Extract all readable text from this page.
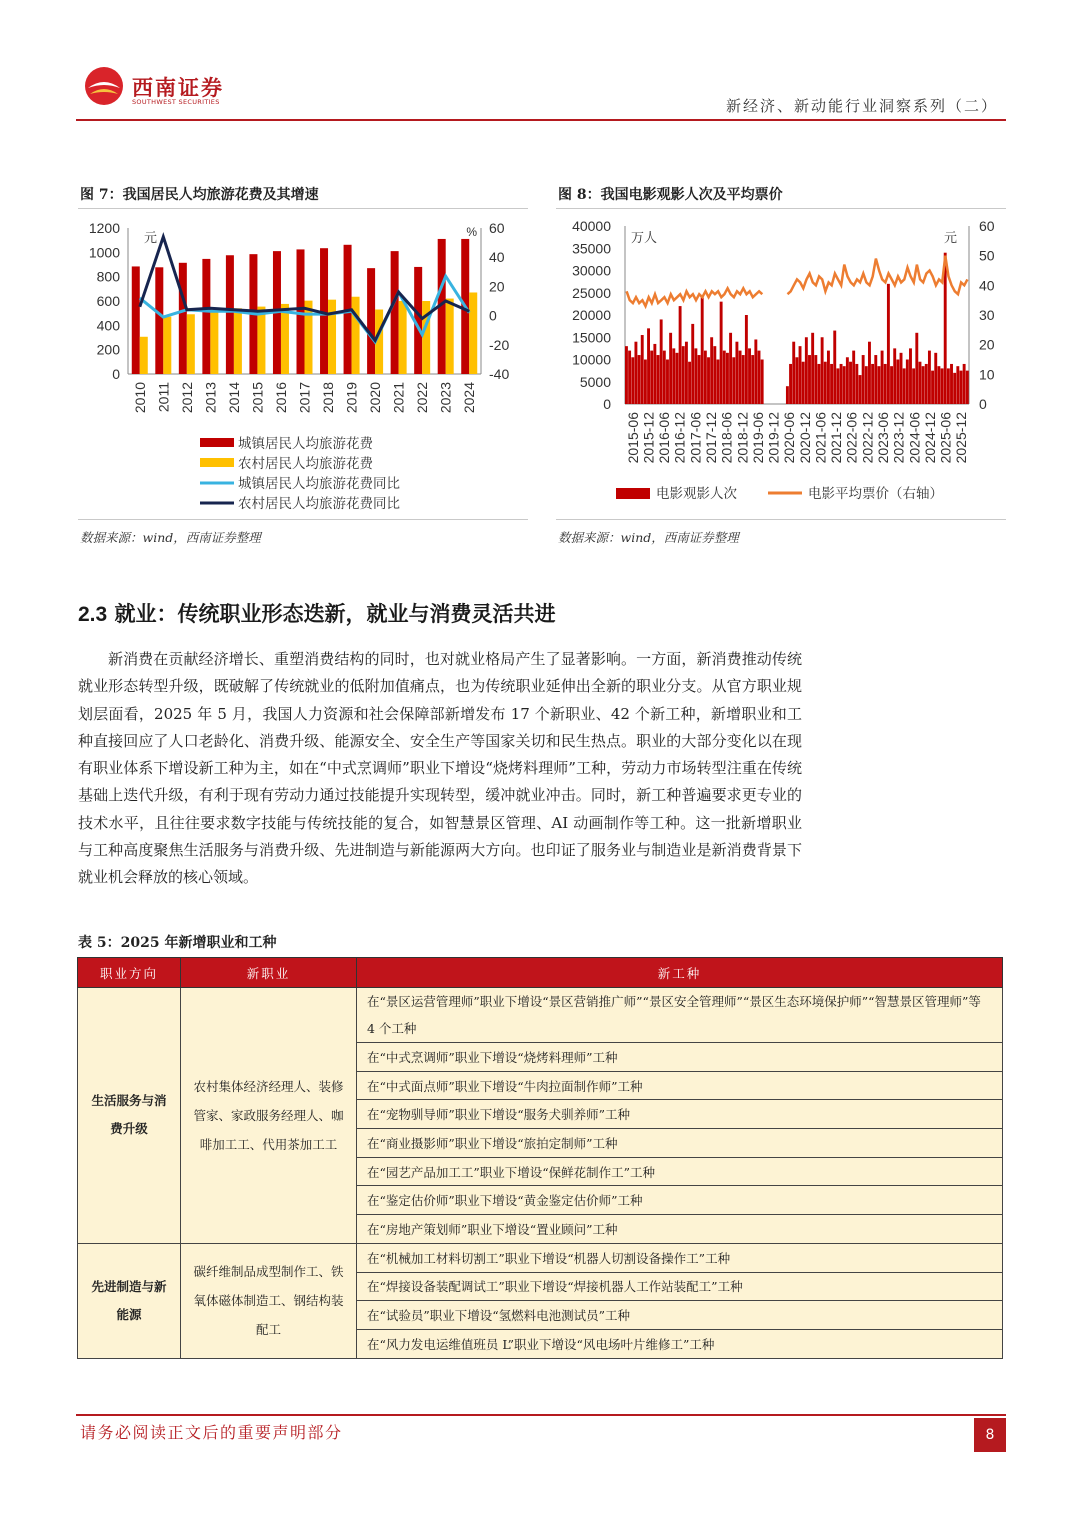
西南证券
SOUTHWEST SECURITIES	新经济、新动能行业洞察系列（二）
图 7：我国居民人均旅游花费及其增速
1200
1000
800
600
400
200
0
60
40
20
0
-20
-40
元	%
2010 2011 2012 2013 2014 2015 2016 2017 2018 2019 2020 2021 2022 2023 2024
城镇居民人均旅游花费
农村居民人均旅游花费
城镇居民人均旅游花费同比
农村居民人均旅游花费同比
数据来源：wind，西南证券整理
图 8：我国电影观影人次及平均票价
40000
35000
30000
25000
20000
15000
10000
5000
0
60
50
40
30
20
10
0
万人	元
2015-06 2015-12 2016-06 2016-12 2017-06 2017-12 2018-06 2018-12 2019-06 2019-12 2020-06 2020-12 2021-06 2021-12 2022-06 2022-12 2023-06 2023-12 2024-06 2024-12 2025-06 2025-12
电影观影人次	电影平均票价（右轴）
数据来源：wind，西南证券整理
2.3 就业：传统职业形态迭新，就业与消费灵活共进
新消费在贡献经济增长、重塑消费结构的同时，也对就业格局产生了显著影响。一方面，新消费推动传统就业形态转型升级，既破解了传统就业的低附加值痛点，也为传统职业延伸出全新的职业分支。从官方职业规划层面看，2025 年 5 月，我国人力资源和社会保障部新增发布 17 个新职业、42 个新工种，新增职业和工种直接回应了人口老龄化、消费升级、能源安全、安全生产等国家关切和民生热点。职业的大部分变化以在现有职业体系下增设新工种为主，如在“中式烹调师”职业下增设“烧烤料理师”工种，劳动力市场转型注重在传统基础上迭代升级，有利于现有劳动力通过技能提升实现转型，缓冲就业冲击。同时，新工种普遍要求更专业的技术水平，且往往要求数字技能与传统技能的复合，如智慧景区管理、AI 动画制作等工种。这一批新增职业与工种高度聚焦生活服务与消费升级、先进制造与新能源两大方向。也印证了服务业与制造业是新消费背景下就业机会释放的核心领域。
表 5：2025 年新增职业和工种
职业方向	新职业	新工种
生活服务与消费升级	农村集体经济经理人、装修管家、家政服务经理人、咖啡加工工、代用茶加工工	在“景区运营管理师”职业下增设“景区营销推广师”“景区安全管理师”“景区生态环境保护师”“智慧景区管理师”等 4 个工种
		在“中式烹调师”职业下增设“烧烤料理师”工种
		在“中式面点师”职业下增设“牛肉拉面制作师”工种
		在“宠物驯导师”职业下增设“服务犬驯养师”工种
		在“商业摄影师”职业下增设“旅拍定制师”工种
		在“园艺产品加工工”职业下增设“保鲜花制作工”工种
		在“鉴定估价师”职业下增设“黄金鉴定估价师”工种
		在“房地产策划师”职业下增设“置业顾问”工种
先进制造与新能源	碳纤维制品成型制作工、铁氧体磁体制造工、钢结构装配工	在“机械加工材料切割工”职业下增设“机器人切割设备操作工”工种
		在“焊接设备装配调试工”职业下增设“焊接机器人工作站装配工”工种
		在“试验员”职业下增设“氢燃料电池测试员”工种
		在“风力发电运维值班员 L”职业下增设“风电场叶片维修工”工种
请务必阅读正文后的重要声明部分	8
